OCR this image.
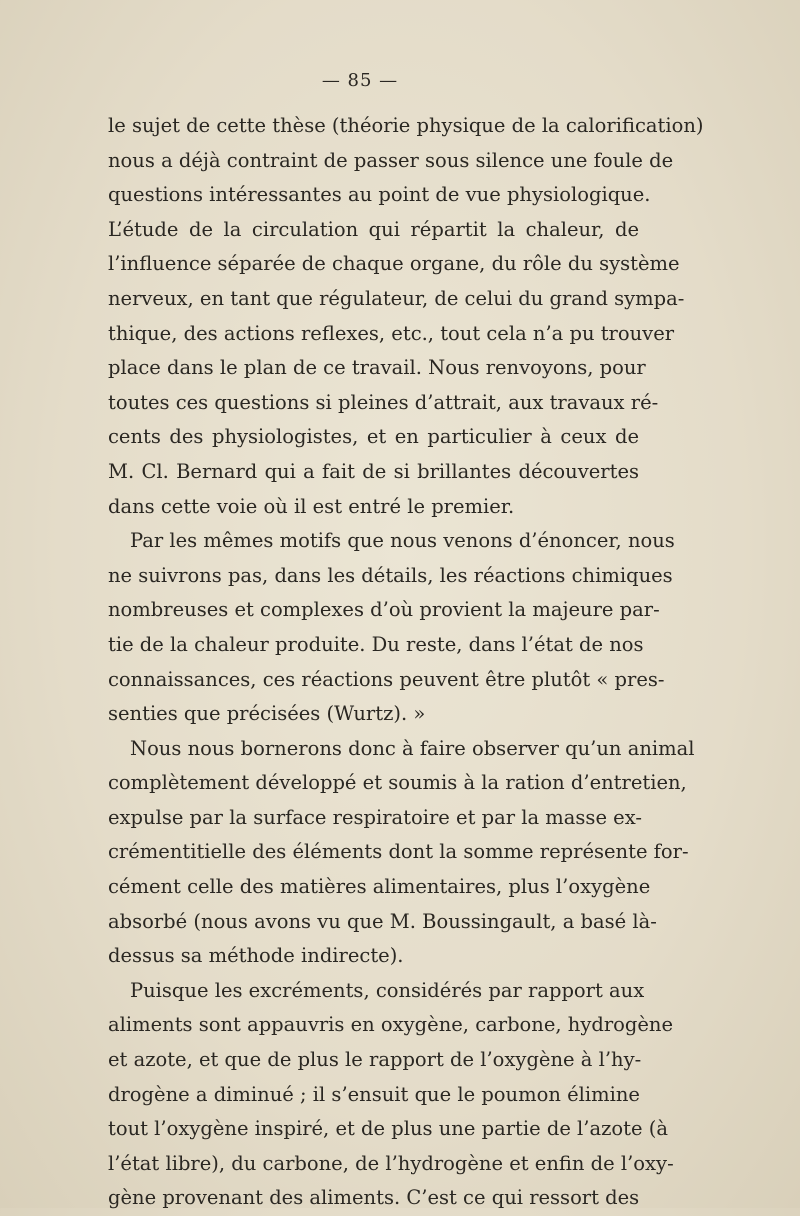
— 85 —
le sujet de cette thèse (théorie physique de la calorification)
nous a déjà contraint de passer sous silence une foule de
questions intéressantes au point de vue physiologique.
L’étude de la circulation qui répartit la chaleur, de
l’influence séparée de chaque organe, du rôle du système
nerveux, en tant que régulateur, de celui du grand sympa-
thique, des actions reflexes, etc., tout cela n’a pu trouver
place dans le plan de ce travail. Nous renvoyons, pour
toutes ces questions si pleines d’attrait, aux travaux ré-
cents des physiologistes, et en particulier à ceux de
M. Cl. Bernard qui a fait de si brillantes découvertes
dans cette voie où il est entré le premier.
Par les mêmes motifs que nous venons d’énoncer, nous
ne suivrons pas, dans les détails, les réactions chimiques
nombreuses et complexes d’où provient la majeure par-
tie de la chaleur produite. Du reste, dans l’état de nos
connaissances, ces réactions peuvent être plutôt « pres-
senties que précisées (Wurtz). »
Nous nous bornerons donc à faire observer qu’un animal
complètement développé et soumis à la ration d’entretien,
expulse par la surface respiratoire et par la masse ex-
crémentitielle des éléments dont la somme représente for-
cément celle des matières alimentaires, plus l’oxygène
absorbé (nous avons vu que M. Boussingault, a basé là-
dessus sa méthode indirecte).
Puisque les excréments, considérés par rapport aux
aliments sont appauvris en oxygène, carbone, hydrogène
et azote, et que de plus le rapport de l’oxygène à l’hy-
drogène a diminué ; il s’ensuit que le poumon élimine
tout l’oxygène inspiré, et de plus une partie de l’azote (à
l’état libre), du carbone, de l’hydrogène et enfin de l’oxy-
gène provenant des aliments. C’est ce qui ressort des
